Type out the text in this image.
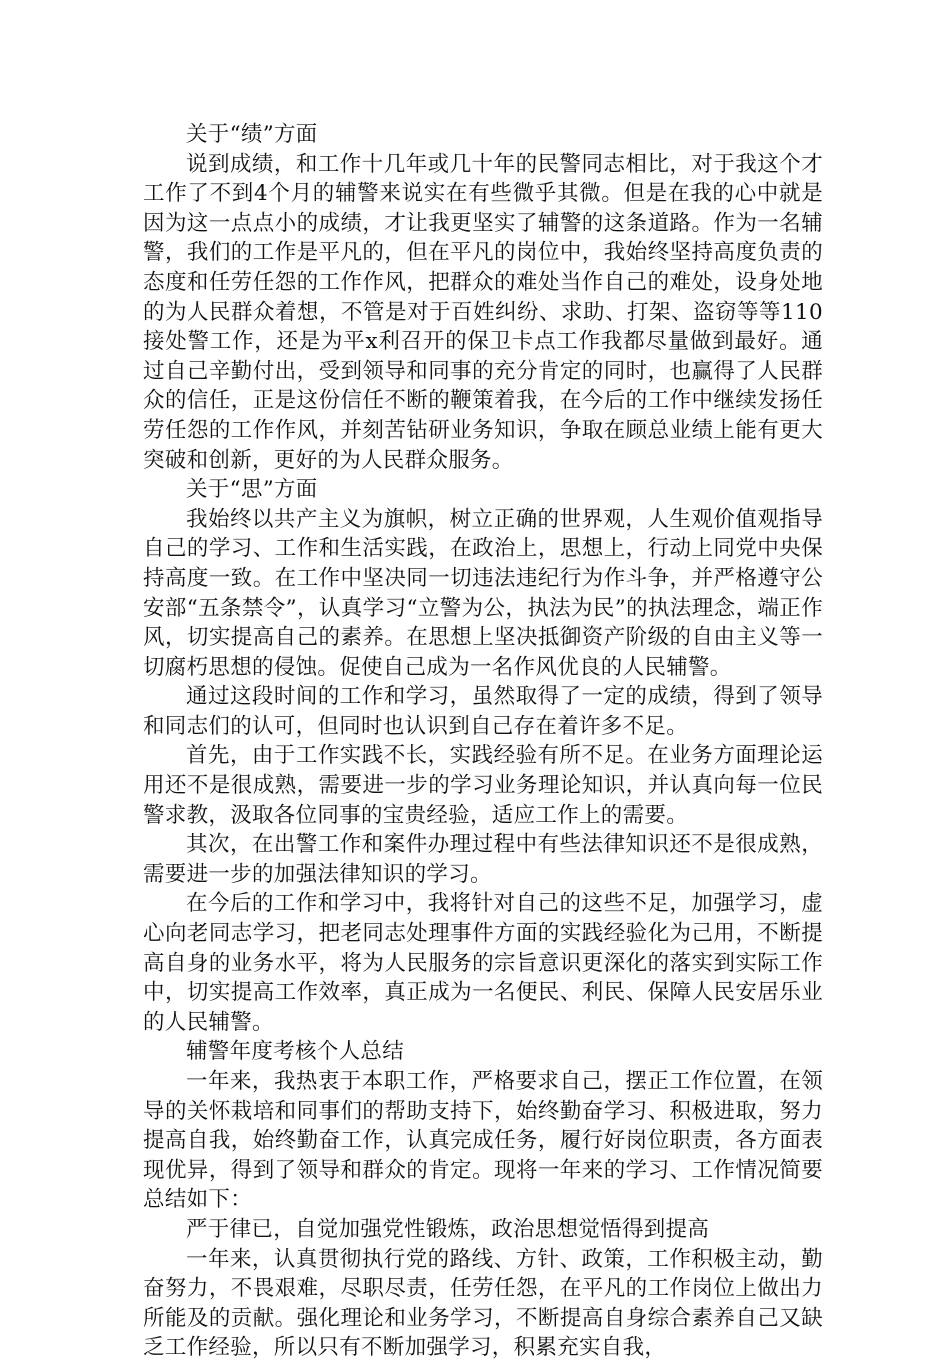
关于“绩”方面

说到成绩，和工作十几年或几十年的民警同志相比，对于我这个才工作了不到4个月的辅警来说实在有些微乎其微。但是在我的心中就是因为这一点点小的成绩，才让我更坚实了辅警的这条道路。作为一名辅警，我们的工作是平凡的，但在平凡的岗位中，我始终坚持高度负责的态度和任劳任怨的工作作风，把群众的难处当作自己的难处，设身处地的为人民群众着想，不管是对于百姓纠纷、求助、打架、盗窃等等110接处警工作，还是为平x利召开的保卫卡点工作我都尽量做到最好。通过自己辛勤付出，受到领导和同事的充分肯定的同时，也赢得了人民群众的信任，正是这份信任不断的鞭策着我，在今后的工作中继续发扬任劳任怨的工作作风，并刻苦钻研业务知识，争取在顾总业绩上能有更大突破和创新，更好的为人民群众服务。

关于“思”方面

我始终以共产主义为旗帜，树立正确的世界观，人生观价值观指导自己的学习、工作和生活实践，在政治上，思想上，行动上同党中央保持高度一致。在工作中坚决同一切违法违纪行为作斗争，并严格遵守公安部“五条禁令”，认真学习“立警为公，执法为民”的执法理念，端正作风，切实提高自己的素养。在思想上坚决抵御资产阶级的自由主义等一切腐朽思想的侵蚀。促使自己成为一名作风优良的人民辅警。

通过这段时间的工作和学习，虽然取得了一定的成绩，得到了领导和同志们的认可，但同时也认识到自己存在着许多不足。

首先，由于工作实践不长，实践经验有所不足。在业务方面理论运用还不是很成熟，需要进一步的学习业务理论知识，并认真向每一位民警求教，汲取各位同事的宝贵经验，适应工作上的需要。

其次，在出警工作和案件办理过程中有些法律知识还不是很成熟，需要进一步的加强法律知识的学习。

在今后的工作和学习中，我将针对自己的这些不足，加强学习，虚心向老同志学习，把老同志处理事件方面的实践经验化为己用，不断提高自身的业务水平，将为人民服务的宗旨意识更深化的落实到实际工作中，切实提高工作效率，真正成为一名便民、利民、保障人民安居乐业的人民辅警。

辅警年度考核个人总结

一年来，我热衷于本职工作，严格要求自己，摆正工作位置，在领导的关怀栽培和同事们的帮助支持下，始终勤奋学习、积极进取，努力提高自我，始终勤奋工作，认真完成任务，履行好岗位职责，各方面表现优异，得到了领导和群众的肯定。现将一年来的学习、工作情况简要总结如下：

严于律已，自觉加强党性锻炼，政治思想觉悟得到提高

一年来，认真贯彻执行党的路线、方针、政策，工作积极主动，勤奋努力，不畏艰难，尽职尽责，任劳任怨，在平凡的工作岗位上做出力所能及的贡献。强化理论和业务学习，不断提高自身综合素养自己又缺乏工作经验，所以只有不断加强学习，积累充实自我，
